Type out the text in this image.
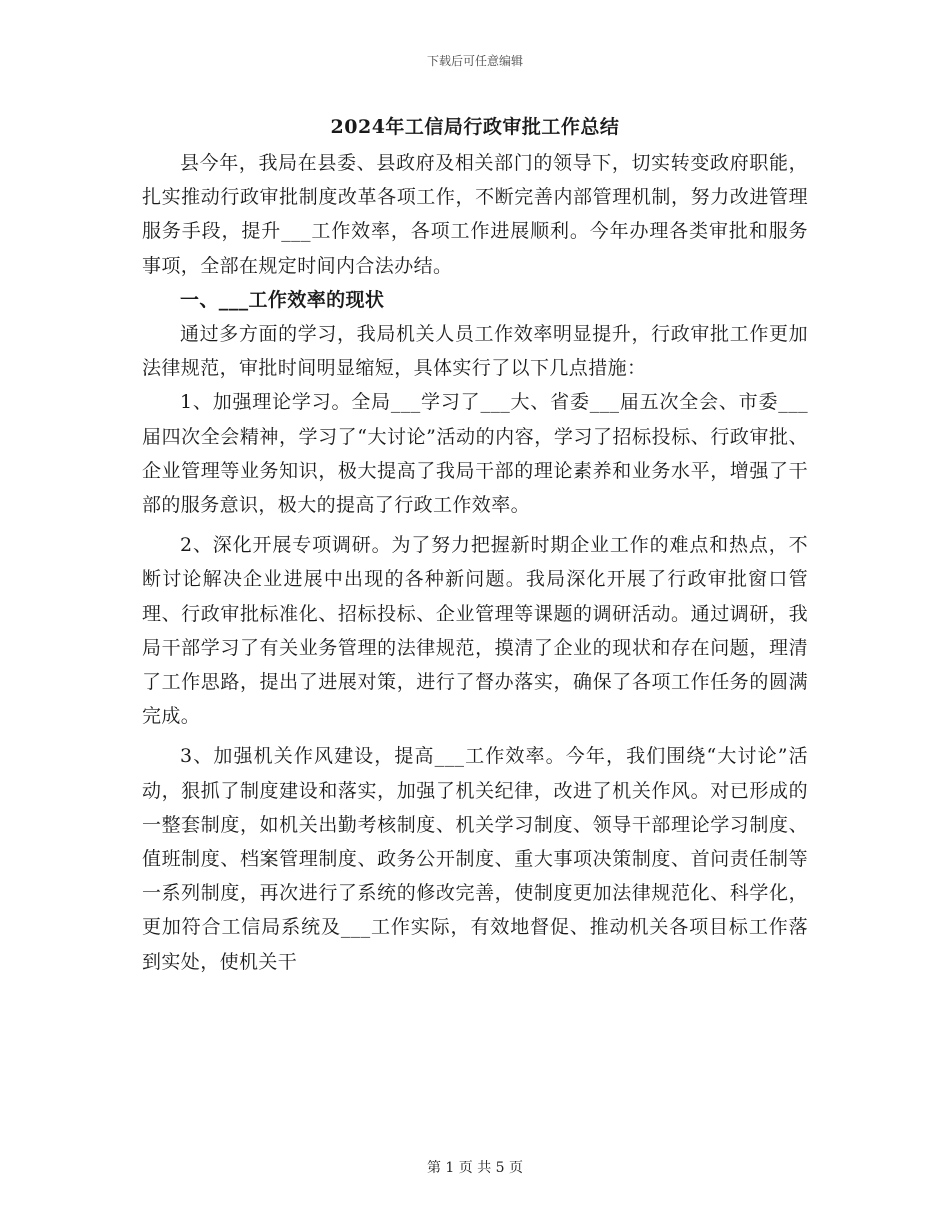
下载后可任意编辑
2024年工信局行政审批工作总结

县今年，我局在县委、县政府及相关部门的领导下，切实转变政府职能，扎实推动行政审批制度改革各项工作，不断完善内部管理机制，努力改进管理服务手段，提升___工作效率，各项工作进展顺利。今年办理各类审批和服务事项，全部在规定时间内合法办结。

一、___工作效率的现状

通过多方面的学习，我局机关人员工作效率明显提升，行政审批工作更加法律规范，审批时间明显缩短，具体实行了以下几点措施：

1、加强理论学习。全局___学习了___大、省委___届五次全会、市委___届四次全会精神，学习了“大讨论”活动的内容，学习了招标投标、行政审批、企业管理等业务知识，极大提高了我局干部的理论素养和业务水平，增强了干部的服务意识，极大的提高了行政工作效率。

2、深化开展专项调研。为了努力把握新时期企业工作的难点和热点，不断讨论解决企业进展中出现的各种新问题。我局深化开展了行政审批窗口管理、行政审批标准化、招标投标、企业管理等课题的调研活动。通过调研，我局干部学习了有关业务管理的法律规范，摸清了企业的现状和存在问题，理清了工作思路，提出了进展对策，进行了督办落实，确保了各项工作任务的圆满完成。

3、加强机关作风建设，提高___工作效率。今年，我们围绕“大讨论”活动，狠抓了制度建设和落实，加强了机关纪律，改进了机关作风。对已形成的一整套制度，如机关出勤考核制度、机关学习制度、领导干部理论学习制度、值班制度、档案管理制度、政务公开制度、重大事项决策制度、首问责任制等一系列制度，再次进行了系统的修改完善，使制度更加法律规范化、科学化，更加符合工信局系统及___工作实际，有效地督促、推动机关各项目标工作落到实处，使机关干

第 1 页 共 5 页
